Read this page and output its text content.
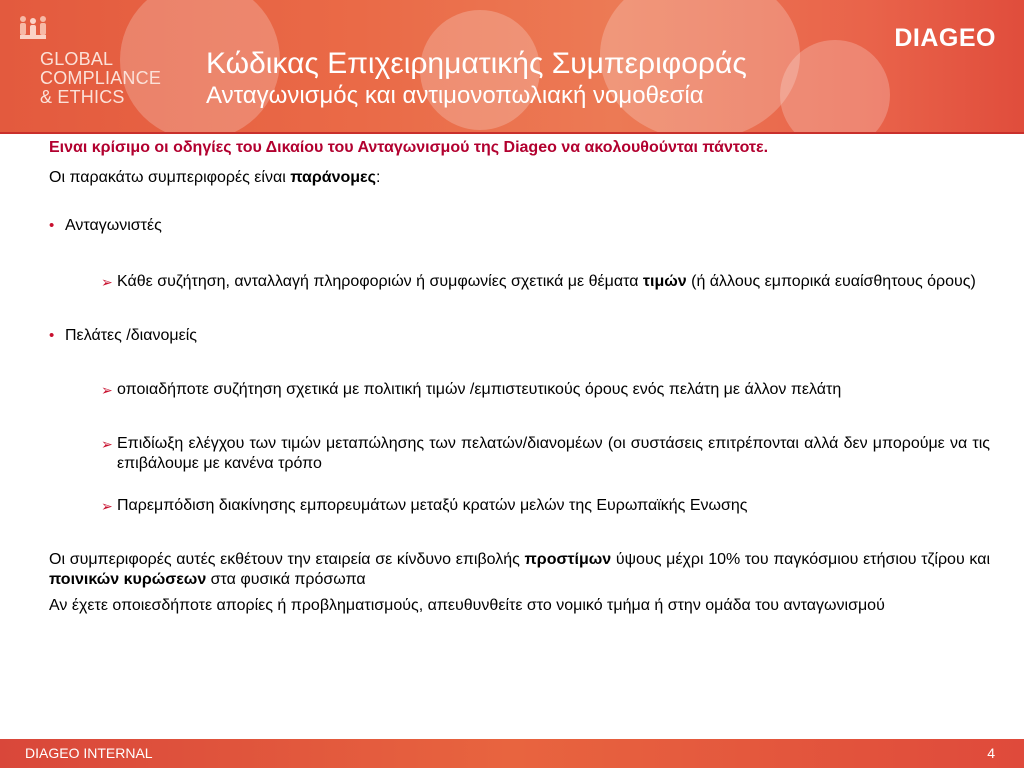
GLOBAL
COMPLIANCE
& ETHICS
Κώδικας Επιχειρηματικής Συμπεριφοράς
Ανταγωνισμός και αντιμονοπωλιακή νομοθεσία
DIAGEO
Ειναι κρίσιμο οι οδηγίες του Δικαίου του Ανταγωνισμού της Diageo να ακολουθούνται πάντοτε.
Οι παρακάτω συμπεριφορές είναι παράνομες:
• Ανταγωνιστές
➢ Κάθε συζήτηση, ανταλλαγή πληροφοριών ή συμφωνίες σχετικά με θέματα τιμών (ή άλλους εμπορικά ευαίσθητους όρους)
• Πελάτες /διανομείς
➢ οποιαδήποτε συζήτηση σχετικά με πολιτική τιμών /εμπιστευτικούς όρους ενός πελάτη με άλλον πελάτη
➢ Επιδίωξη ελέγχου των τιμών μεταπώλησης των πελατών/διανομέων (οι συστάσεις επιτρέπονται αλλά δεν μπορούμε να τις επιβάλουμε με κανένα τρόπο
➢ Παρεμπόδιση διακίνησης εμπορευμάτων μεταξύ κρατών μελών της Ευρωπαϊκής Ενωσης
Οι συμπεριφορές αυτές εκθέτουν την εταιρεία σε κίνδυνο επιβολής προστίμων ύψους μέχρι 10% του παγκόσμιου ετήσιου τζίρου και ποινικών κυρώσεων στα φυσικά πρόσωπα
Αν έχετε οποιεσδήποτε απορίες ή προβληματισμούς, απευθυνθείτε στο νομικό τμήμα ή στην ομάδα του ανταγωνισμού
DIAGEO INTERNAL	4
